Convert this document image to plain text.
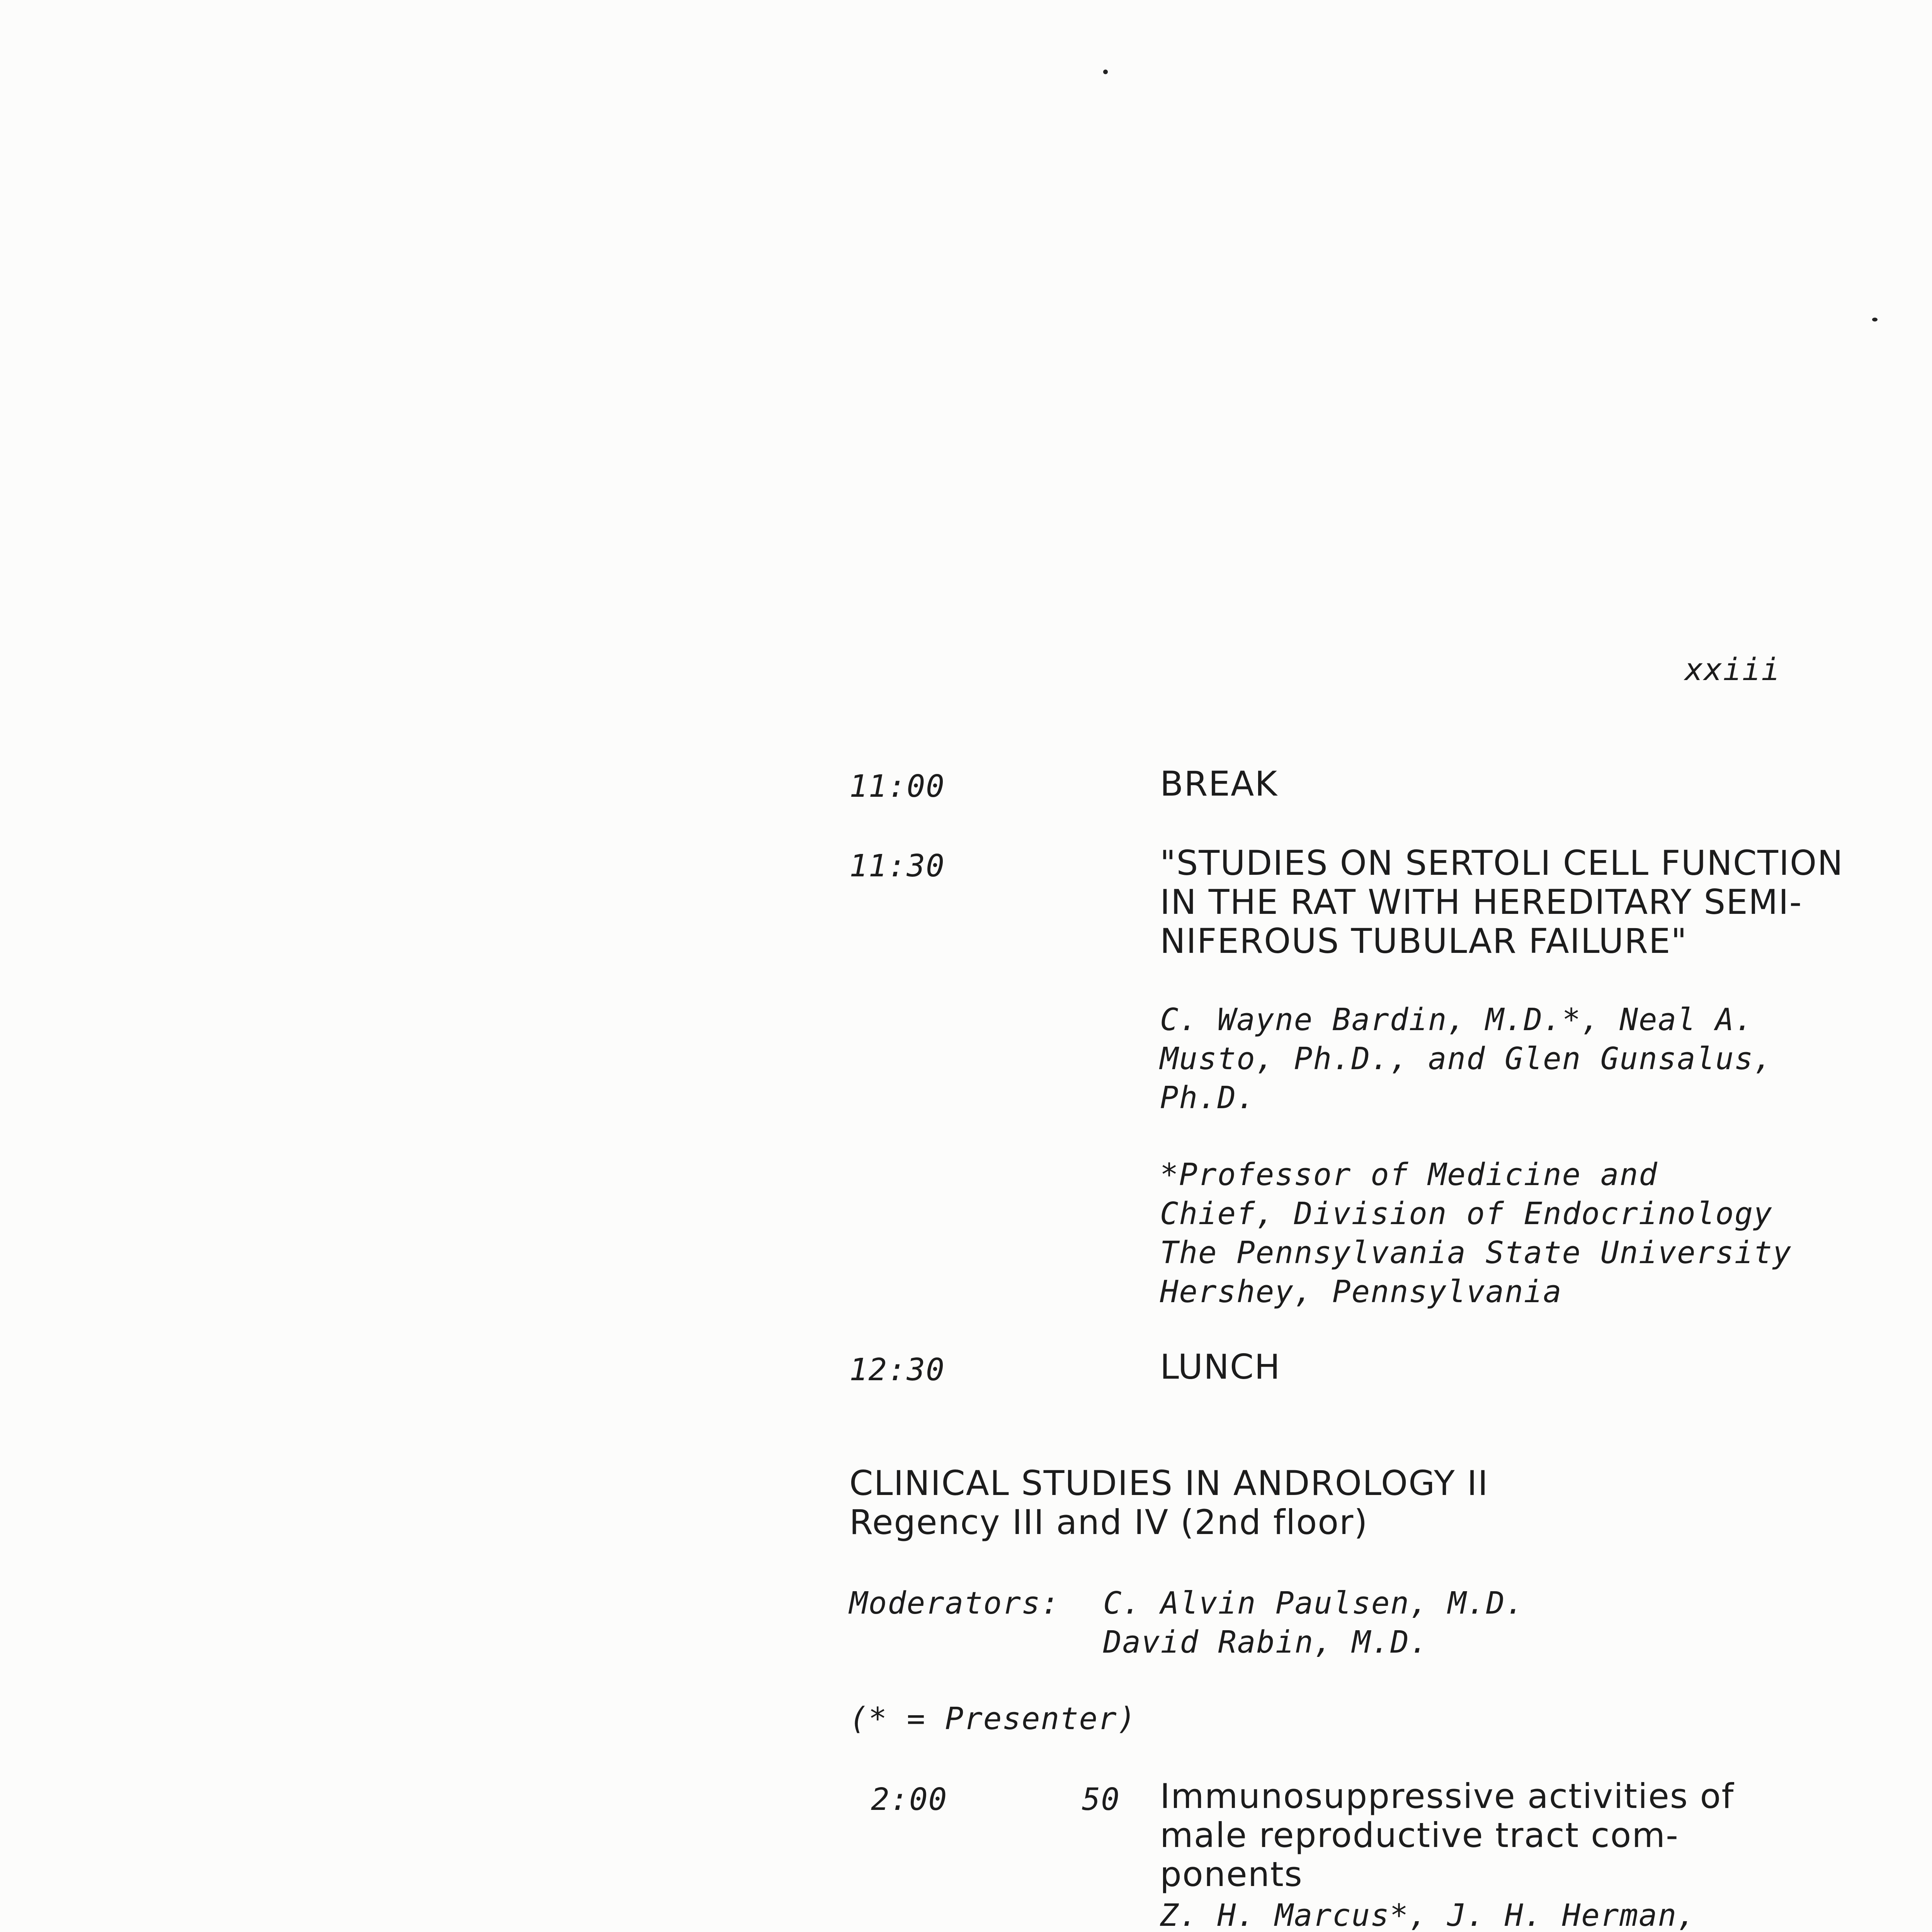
xxiii
11:00	BREAK
11:30	"STUDIES ON SERTOLI CELL FUNCTION
IN THE RAT WITH HEREDITARY SEMI-
NIFEROUS TUBULAR FAILURE"
C. Wayne Bardin, M.D.*, Neal A.
Musto, Ph.D., and Glen Gunsalus,
Ph.D.
*Professor of Medicine and
Chief, Division of Endocrinology
The Pennsylvania State University
Hershey, Pennsylvania
12:30	LUNCH
CLINICAL STUDIES IN ANDROLOGY II
Regency III and IV (2nd floor)
Moderators: C. Alvin Paulsen, M.D.
David Rabin, M.D.
(* = Presenter)
2:00	50 Immunosuppressive activities of
male reproductive tract com-
ponents
Z. H. Marcus*, J. H. Herman,
